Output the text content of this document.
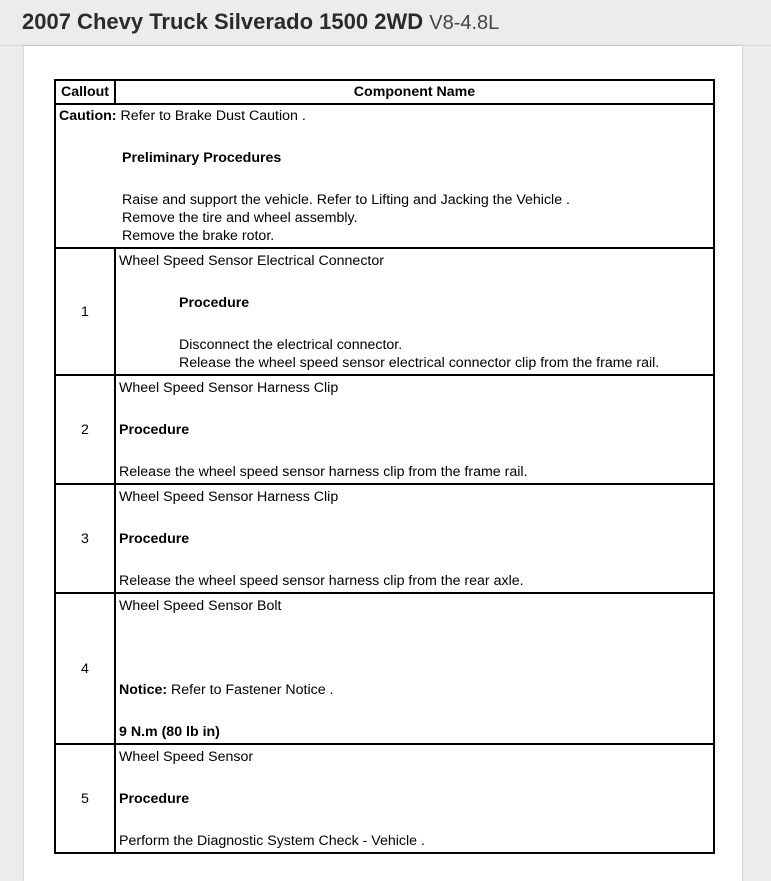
2007 Chevy Truck Silverado 1500 2WD V8-4.8L
Callout	Component Name

Caution: Refer to Brake Dust Caution .
Preliminary Procedures
Raise and support the vehicle. Refer to Lifting and Jacking the Vehicle .
Remove the tire and wheel assembly.
Remove the brake rotor.	

1	Wheel Speed Sensor Electrical Connector
Procedure
Disconnect the electrical connector.
Release the wheel speed sensor electrical connector clip from the frame rail.

2	Wheel Speed Sensor Harness Clip
Procedure
Release the wheel speed sensor harness clip from the frame rail.

3	Wheel Speed Sensor Harness Clip
Procedure
Release the wheel speed sensor harness clip from the rear axle.

4	Wheel Speed Sensor Bolt
Notice: Refer to Fastener Notice .
9 N.m (80 lb in)

5	Wheel Speed Sensor
Procedure
Perform the Diagnostic System Check - Vehicle .
